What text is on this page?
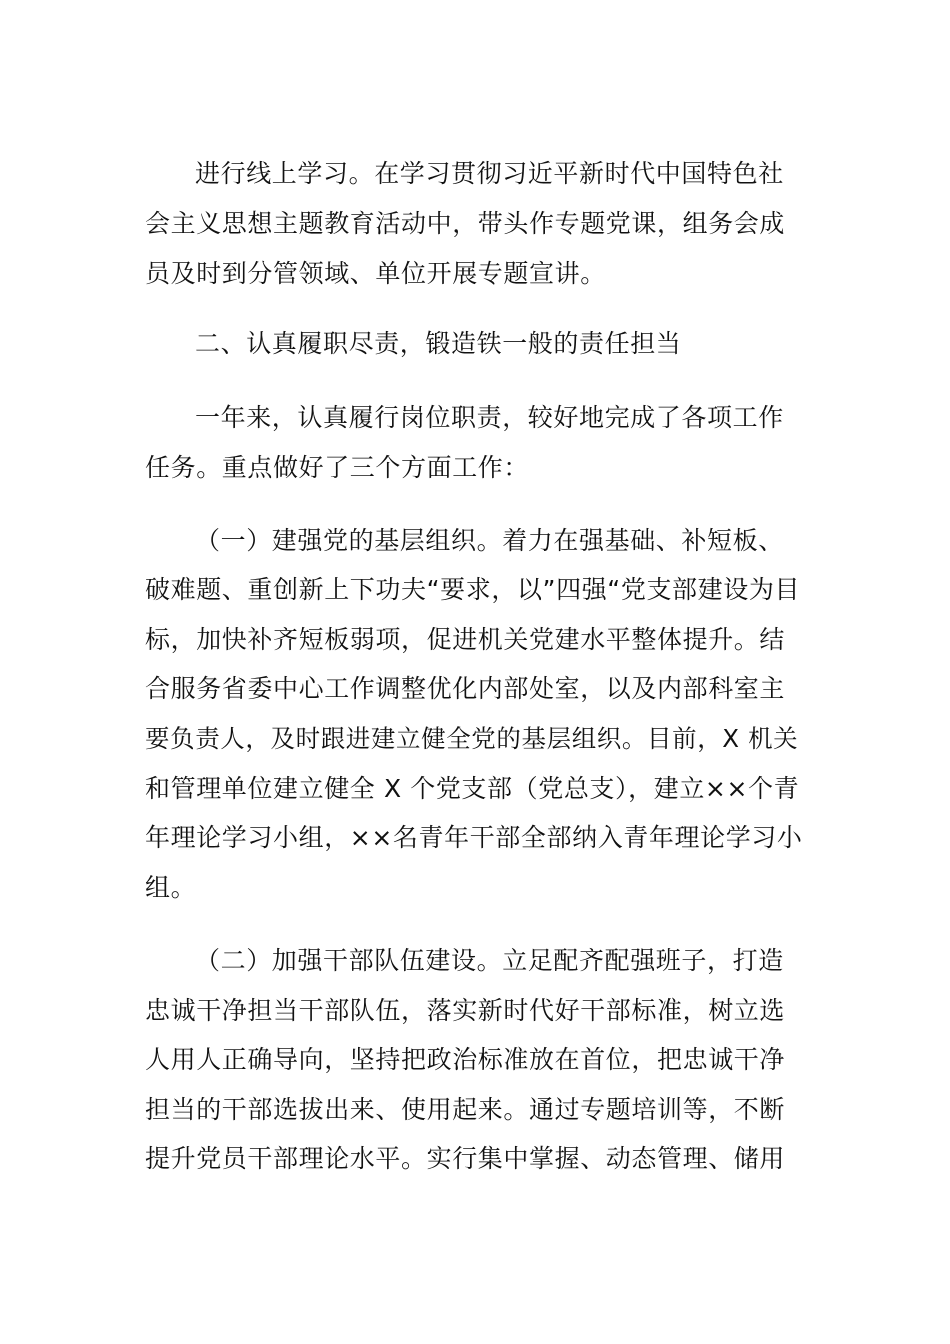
进行线上学习。在学习贯彻习近平新时代中国特色社
会主义思想主题教育活动中，带头作专题党课，组务会成
员及时到分管领域、单位开展专题宣讲。
二、认真履职尽责，锻造铁一般的责任担当
一年来，认真履行岗位职责，较好地完成了各项工作
任务。重点做好了三个方面工作：
（一）建强党的基层组织。着力在强基础、补短板、
破难题、重创新上下功夫“要求，以”四强“党支部建设为目
标，加快补齐短板弱项，促进机关党建水平整体提升。结
合服务省委中心工作调整优化内部处室，以及内部科室主
要负责人，及时跟进建立健全党的基层组织。目前，X 机关
和管理单位建立健全 X 个党支部（党总支），建立××个青
年理论学习小组，××名青年干部全部纳入青年理论学习小
组。
（二）加强干部队伍建设。立足配齐配强班子，打造
忠诚干净担当干部队伍，落实新时代好干部标准，树立选
人用人正确导向，坚持把政治标准放在首位，把忠诚干净
担当的干部选拔出来、使用起来。通过专题培训等，不断
提升党员干部理论水平。实行集中掌握、动态管理、储用
